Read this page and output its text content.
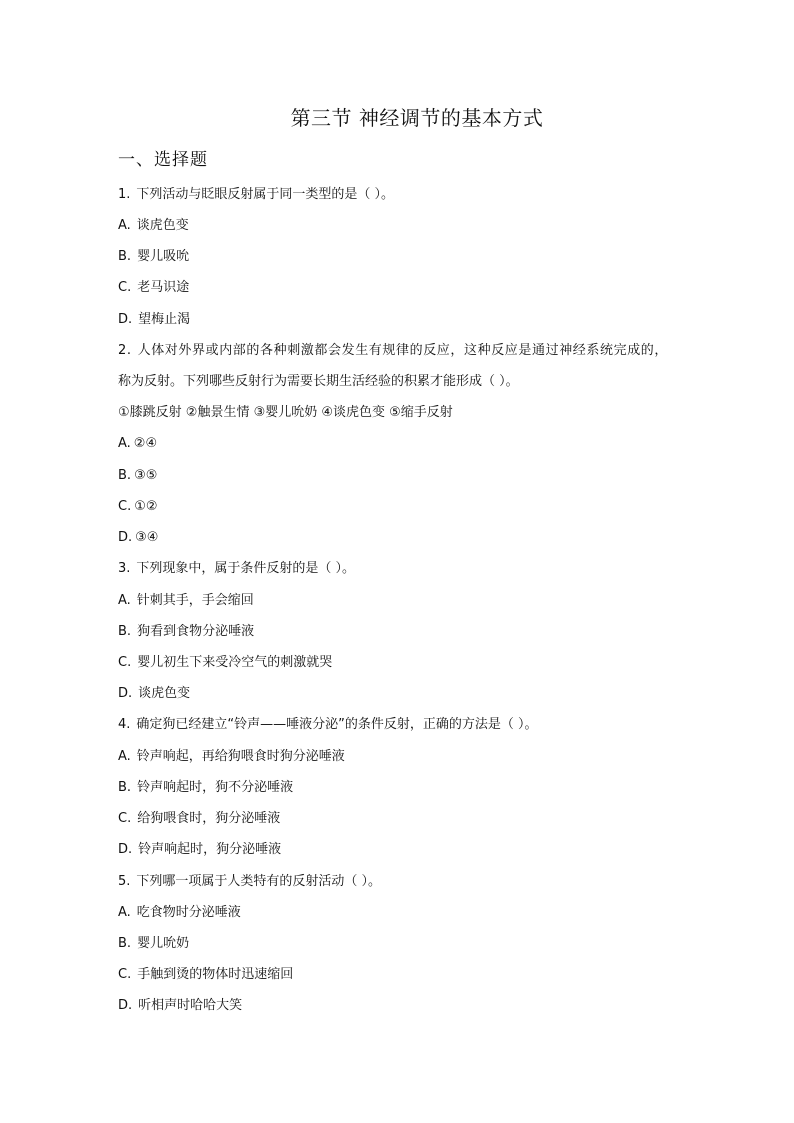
第三节 神经调节的基本方式
一、选择题
1. 下列活动与眨眼反射属于同一类型的是（ ）。
A. 谈虎色变
B. 婴儿吸吮
C. 老马识途
D. 望梅止渴
2. 人体对外界或内部的各种刺激都会发生有规律的反应，这种反应是通过神经系统完成的，
称为反射。下列哪些反射行为需要长期生活经验的积累才能形成（ ）。
①膝跳反射 ②触景生情 ③婴儿吮奶 ④谈虎色变 ⑤缩手反射
A. ②④
B. ③⑤
C. ①②
D. ③④
3. 下列现象中，属于条件反射的是（ ）。
A. 针刺其手，手会缩回
B. 狗看到食物分泌唾液
C. 婴儿初生下来受冷空气的刺激就哭
D. 谈虎色变
4. 确定狗已经建立“铃声——唾液分泌”的条件反射，正确的方法是（ ）。
A. 铃声响起，再给狗喂食时狗分泌唾液
B. 铃声响起时，狗不分泌唾液
C. 给狗喂食时，狗分泌唾液
D. 铃声响起时，狗分泌唾液
5. 下列哪一项属于人类特有的反射活动（ ）。
A. 吃食物时分泌唾液
B. 婴儿吮奶
C. 手触到烫的物体时迅速缩回
D. 听相声时哈哈大笑
